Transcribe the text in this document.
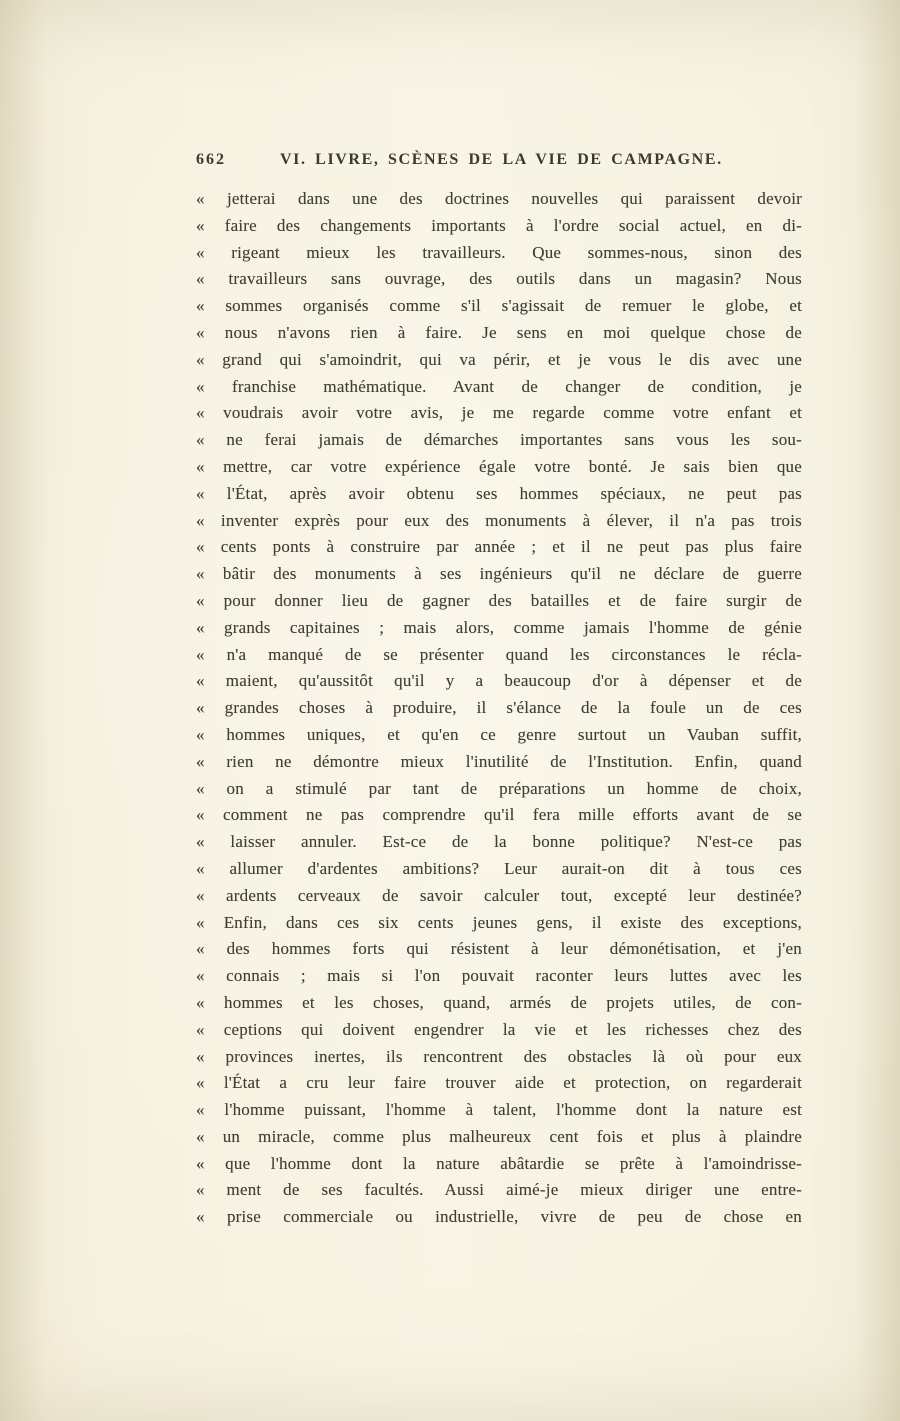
662	VI. LIVRE, SCÈNES DE LA VIE DE CAMPAGNE.
« jetterai dans une des doctrines nouvelles qui paraissent devoir
« faire des changements importants à l'ordre social actuel, en di-
« rigeant mieux les travailleurs. Que sommes-nous, sinon des
« travailleurs sans ouvrage, des outils dans un magasin? Nous
« sommes organisés comme s'il s'agissait de remuer le globe, et
« nous n'avons rien à faire. Je sens en moi quelque chose de
« grand qui s'amoindrit, qui va périr, et je vous le dis avec une
« franchise mathématique. Avant de changer de condition, je
« voudrais avoir votre avis, je me regarde comme votre enfant et
« ne ferai jamais de démarches importantes sans vous les sou-
« mettre, car votre expérience égale votre bonté. Je sais bien que
« l'État, après avoir obtenu ses hommes spéciaux, ne peut pas
« inventer exprès pour eux des monuments à élever, il n'a pas trois
« cents ponts à construire par année ; et il ne peut pas plus faire
« bâtir des monuments à ses ingénieurs qu'il ne déclare de guerre
« pour donner lieu de gagner des batailles et de faire surgir de
« grands capitaines ; mais alors, comme jamais l'homme de génie
« n'a manqué de se présenter quand les circonstances le récla-
« maient, qu'aussitôt qu'il y a beaucoup d'or à dépenser et de
« grandes choses à produire, il s'élance de la foule un de ces
« hommes uniques, et qu'en ce genre surtout un Vauban suffit,
« rien ne démontre mieux l'inutilité de l'Institution. Enfin, quand
« on a stimulé par tant de préparations un homme de choix,
« comment ne pas comprendre qu'il fera mille efforts avant de se
« laisser annuler. Est-ce de la bonne politique? N'est-ce pas
« allumer d'ardentes ambitions? Leur aurait-on dit à tous ces
« ardents cerveaux de savoir calculer tout, excepté leur destinée?
« Enfin, dans ces six cents jeunes gens, il existe des exceptions,
« des hommes forts qui résistent à leur démonétisation, et j'en
« connais ; mais si l'on pouvait raconter leurs luttes avec les
« hommes et les choses, quand, armés de projets utiles, de con-
« ceptions qui doivent engendrer la vie et les richesses chez des
« provinces inertes, ils rencontrent des obstacles là où pour eux
« l'État a cru leur faire trouver aide et protection, on regarderait
« l'homme puissant, l'homme à talent, l'homme dont la nature est
« un miracle, comme plus malheureux cent fois et plus à plaindre
« que l'homme dont la nature abâtardie se prête à l'amoindrisse-
« ment de ses facultés. Aussi aimé-je mieux diriger une entre-
« prise commerciale ou industrielle, vivre de peu de chose en
